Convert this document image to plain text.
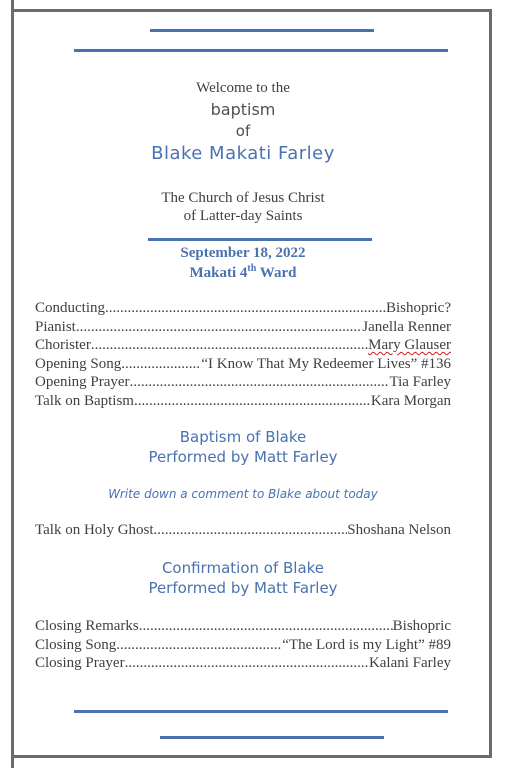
Welcome to the
baptism
of
Blake Makati Farley
The Church of Jesus Christ
of Latter-day Saints
September 18, 2022
Makati 4th Ward
Conducting .....	Bishopric?
Pianist .....	Janella Renner
Chorister .....	Mary Glauser
Opening Song .....	“I Know That My Redeemer Lives” #136
Opening Prayer .....	Tia Farley
Talk on Baptism .....	Kara Morgan
Baptism of Blake
Performed by Matt Farley
Write down a comment to Blake about today
Talk on Holy Ghost .....	Shoshana Nelson
Confirmation of Blake
Performed by Matt Farley
Closing Remarks .....	Bishopric
Closing Song .....	“The Lord is my Light” #89
Closing Prayer .....	Kalani Farley
